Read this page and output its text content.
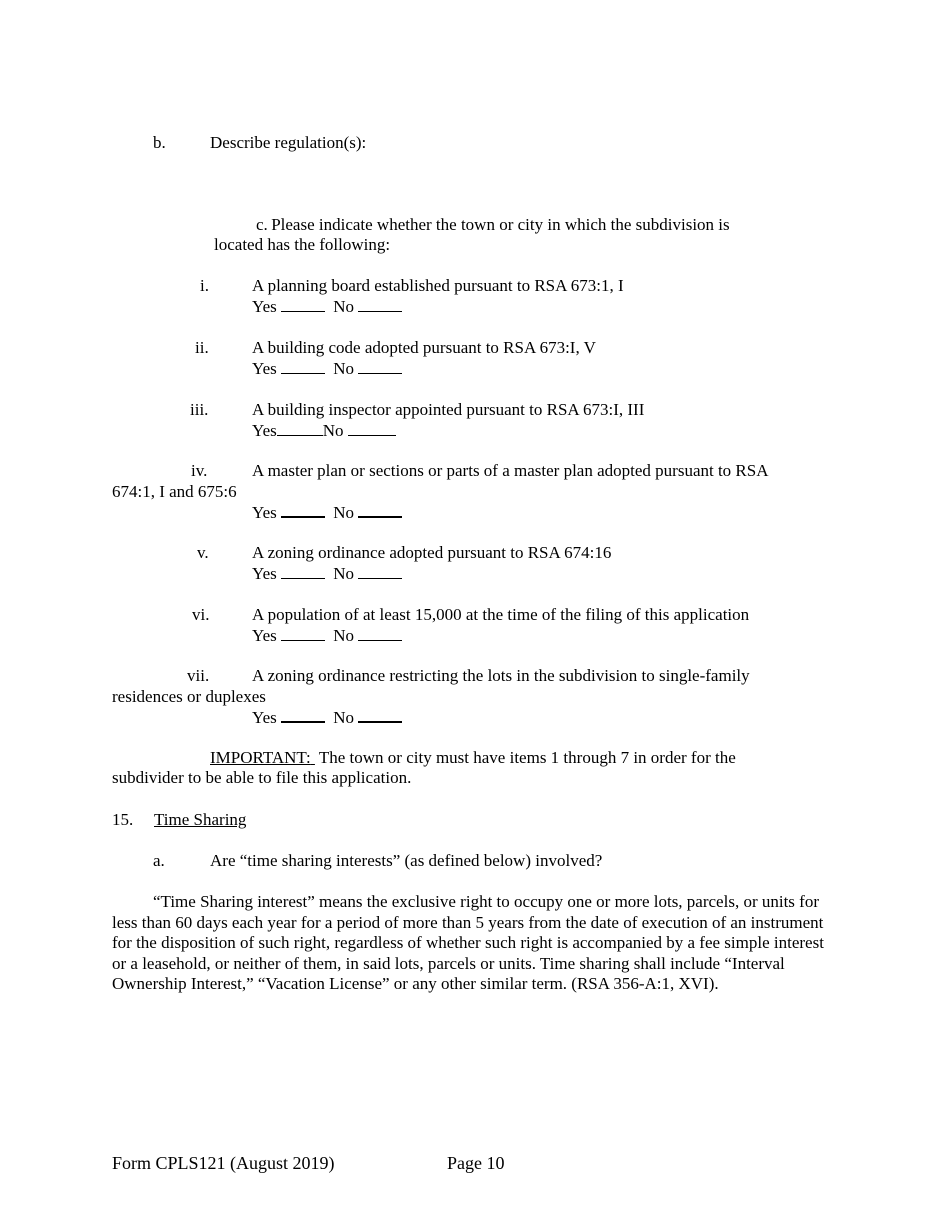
b.	Describe regulation(s):
c. Please indicate whether the town or city in which the subdivision is
located has the following:
i.	A planning board established pursuant to RSA 673:1, I
Yes	No
ii.	A building code adopted pursuant to RSA 673:I, V
Yes	No
iii.	A building inspector appointed pursuant to RSA 673:I, III
Yes	No
iv.	A master plan or sections or parts of a master plan adopted pursuant to RSA
674:1, I and 675:6
Yes	No
v.	A zoning ordinance adopted pursuant to RSA 674:16
Yes	No
vi.	A population of at least 15,000 at the time of the filing of this application
Yes	No
vii.	A zoning ordinance restricting the lots in the subdivision to single-family
residences or duplexes
Yes	No
IMPORTANT:  The town or city must have items 1 through 7 in order for the
subdivider to be able to file this application.
15. Time Sharing
a.	Are “time sharing interests” (as defined below) involved?
“Time Sharing interest” means the exclusive right to occupy one or more lots, parcels, or units for less than 60 days each year for a period of more than 5 years from the date of execution of an instrument for the disposition of such right, regardless of whether such right is accompanied by a fee simple interest or a leasehold, or neither of them, in said lots, parcels or units. Time sharing shall include “Interval Ownership Interest,” “Vacation License” or any other similar term. (RSA 356-A:1, XVI).
Form CPLS121 (August 2019)	Page 10
